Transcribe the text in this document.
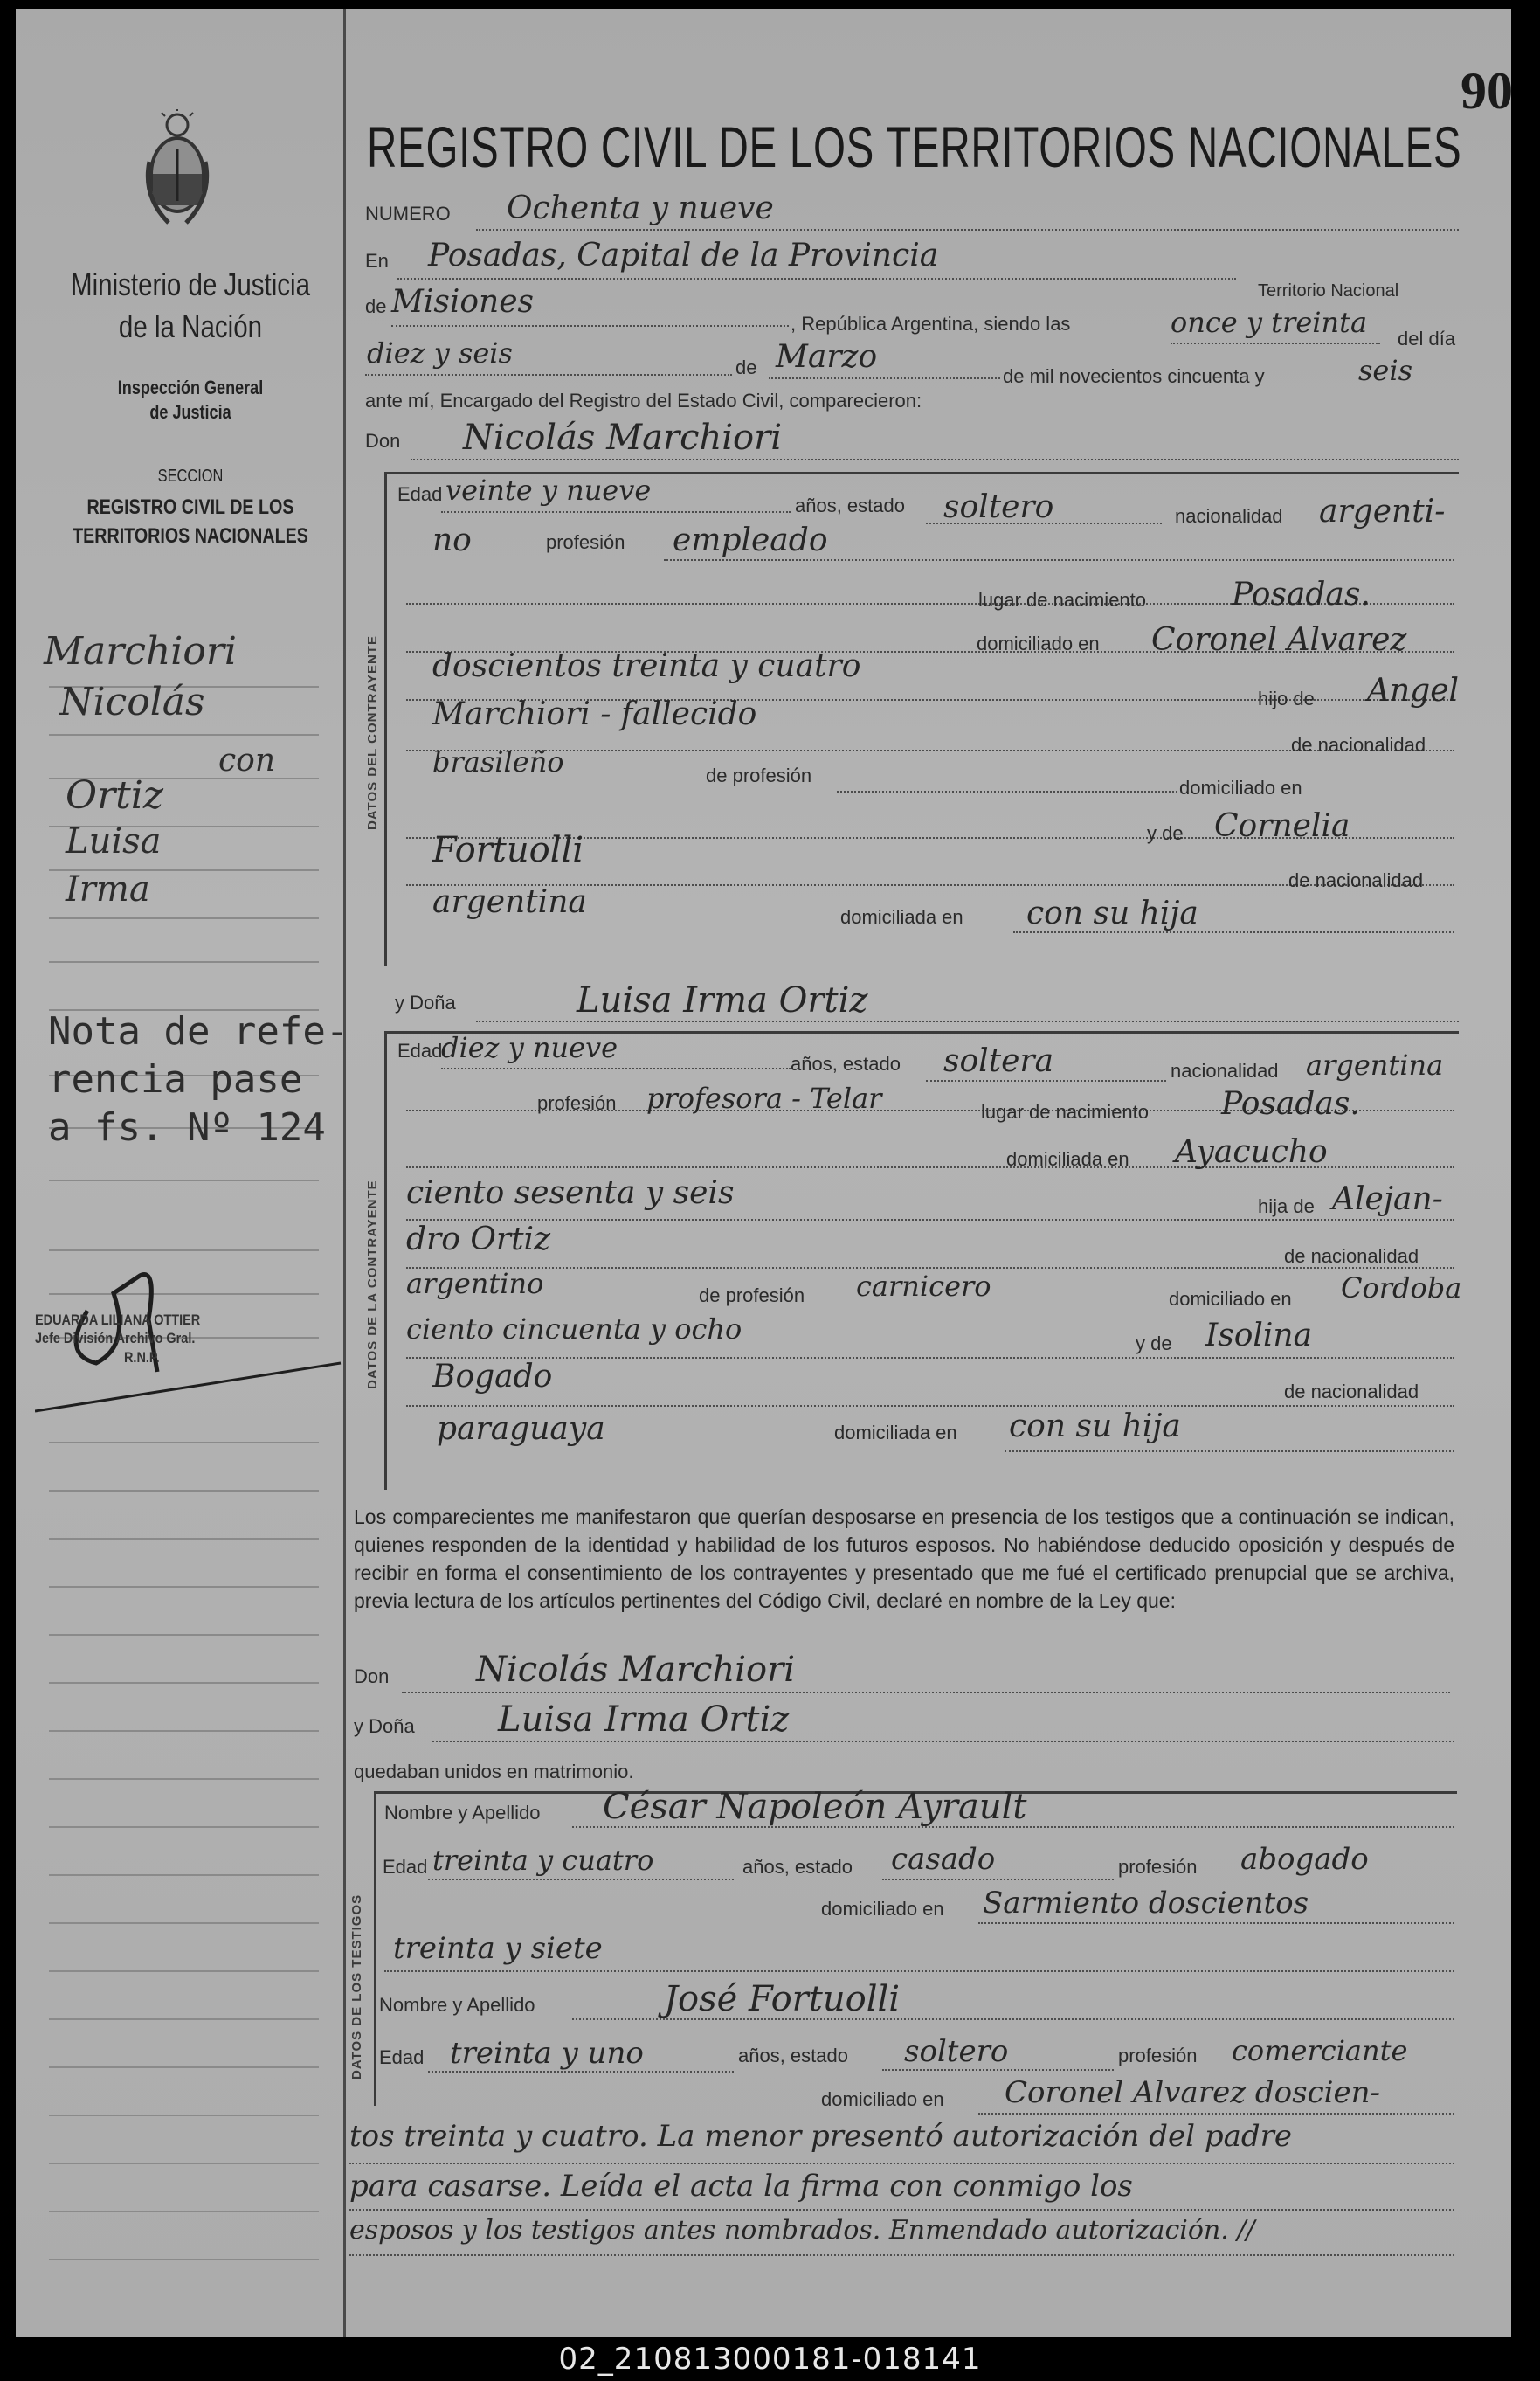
Ministerio de Justicia
de la Nación
Inspección General
de Justicia
SECCION
REGISTRO CIVIL DE LOS
TERRITORIOS NACIONALES
Marchiori
Nicolás
con
Ortiz
Luisa
Irma
Nota de refe-
rencia pase
a fs. Nº 124
EDUARDA LILIANA OTTIER
Jefe División Archivo Gral.
R.N.P.
90
REGISTRO CIVIL DE LOS TERRITORIOS NACIONALES
NUMERO Ochenta y nueve
En Posadas, Capital de la Provincia
Territorio Nacional
de Misiones
, República Argentina, siendo las	once y treinta del día
diez y seis	de Marzo
de mil novecientos cincuenta y	seis
ante mí, Encargado del Registro del Estado Civil, comparecieron:
Don Nicolás Marchiori
DATOS DEL CONTRAYENTE
Edad veinte y nueve	años, estado soltero	nacionalidad argenti-
no	profesión empleado
lugar de nacimiento	Posadas.
domiciliado en Coronel Alvarez
doscientos treinta y cuatro
hijo de Angel
Marchiori - fallecido
de nacionalidad
brasileño	de profesión
domiciliado en
y de Cornelia
Fortuolli
de nacionalidad
argentina	domiciliada en con su hija
y Doña	Luisa Irma Ortiz
DATOS DE LA CONTRAYENTE
Edad
diez y nueve	años, estado soltera	nacionalidad argentina
profesión profesora - Telar	lugar de nacimiento Posadas.
domiciliada en Ayacucho
ciento sesenta y seis	hija de Alejan-
dro Ortiz	de nacionalidad
argentino	de profesión carnicero	domiciliado en Cordoba
ciento cincuenta y ocho	y de Isolina
Bogado	de nacionalidad
paraguaya	domiciliada en con su hija
Los comparecientes me manifestaron que querían desposarse en presencia de los testigos que a continuación se indican, quienes responden de la identidad y habilidad de los futuros esposos. No habiéndose deducido oposición y después de recibir en forma el consentimiento de los contrayentes y presentado que me fué el certificado prenupcial que se archiva, previa lectura de los artículos pertinentes del Código Civil, declaré en nombre de la Ley que:
Don Nicolás Marchiori
y Doña Luisa Irma Ortiz
quedaban unidos en matrimonio.
DATOS DE LOS TESTIGOS
Nombre y Apellido César Napoleón Ayrault
Edad treinta y cuatro	años, estado casado	profesión abogado
domiciliado en Sarmiento doscientos
treinta y siete
Nombre y Apellido	José Fortuolli
Edad treinta y uno	años, estado soltero	profesión comerciante
domiciliado en Coronel Alvarez doscien-
tos treinta y cuatro. La menor presentó autorización del padre
para casarse. Leída el acta la firma con conmigo los
esposos y los testigos antes nombrados. Enmendado autorización. //
02_210813000181-018141
